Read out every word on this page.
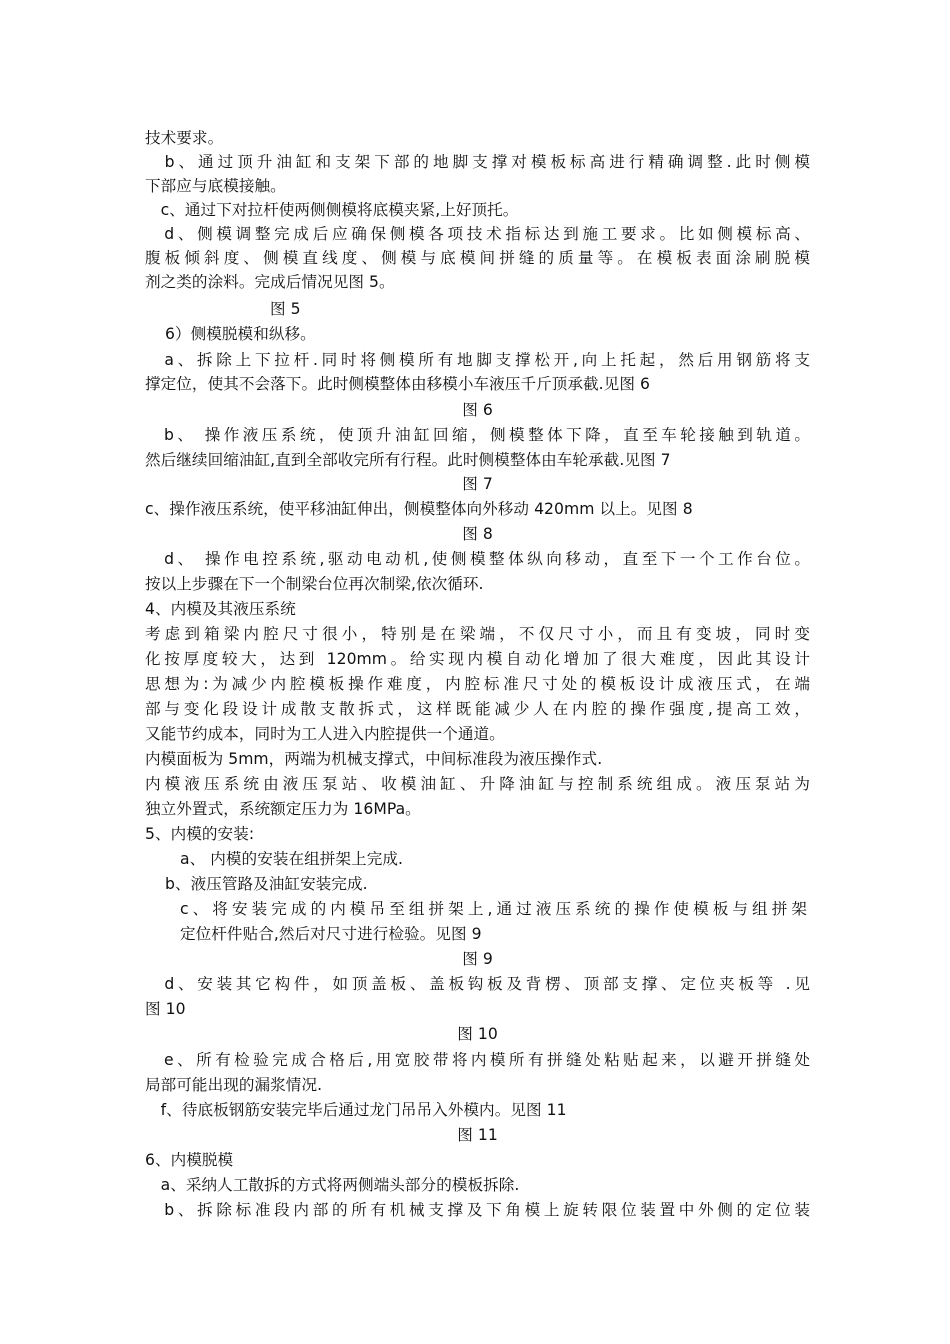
技术要求。
　b、通过顶升油缸和支架下部的地脚支撑对模板标高进行精确调整.此时侧模
下部应与底模接触。
　c、通过下对拉杆使两侧侧模将底模夹紧,上好顶托。
　d、侧模调整完成后应确保侧模各项技术指标达到施工要求。比如侧模标高、
腹板倾斜度、侧模直线度、侧模与底模间拼缝的质量等。在模板表面涂刷脱模
剂之类的涂料。完成后情况见图 5。
图 5
6）侧模脱模和纵移。
　a、拆除上下拉杆.同时将侧模所有地脚支撑松开,向上托起，然后用钢筋将支
撑定位，使其不会落下。此时侧模整体由移模小车液压千斤顶承截.见图 6
图 6
　b、 操作液压系统，使顶升油缸回缩，侧模整体下降，直至车轮接触到轨道。
然后继续回缩油缸,直到全部收完所有行程。此时侧模整体由车轮承截.见图 7
图 7
c、操作液压系统，使平移油缸伸出，侧模整体向外移动 420mm 以上。见图 8
图 8
　d、 操作电控系统,驱动电动机,使侧模整体纵向移动，直至下一个工作台位。
按以上步骤在下一个制梁台位再次制梁,依次循环.
4、内模及其液压系统
考虑到箱梁内腔尺寸很小，特别是在梁端，不仅尺寸小，而且有变坡，同时变
化按厚度较大，达到 120mm。给实现内模自动化增加了很大难度，因此其设计
思想为:为减少内腔模板操作难度，内腔标准尺寸处的模板设计成液压式，在端
部与变化段设计成散支散拆式，这样既能减少人在内腔的操作强度,提高工效，
又能节约成本，同时为工人进入内腔提供一个通道。
内模面板为 5mm，两端为机械支撑式，中间标准段为液压操作式.
内模液压系统由液压泵站、收模油缸、升降油缸与控制系统组成。液压泵站为
独立外置式，系统额定压力为 16MPa。
5、内模的安装:
a、 内模的安装在组拼架上完成.
b、液压管路及油缸安装完成.
c、将安装完成的内模吊至组拼架上,通过液压系统的操作使模板与组拼架
定位杆件贴合,然后对尺寸进行检验。见图 9
图 9
　d、安装其它构件，如顶盖板、盖板钩板及背楞、顶部支撑、定位夹板等 .见
图 10
图 10
　e、所有检验完成合格后,用宽胶带将内模所有拼缝处粘贴起来，以避开拼缝处
局部可能出现的漏浆情况.
　f、待底板钢筋安装完毕后通过龙门吊吊入外模内。见图 11
图 11
6、内模脱模
　a、采纳人工散拆的方式将两侧端头部分的模板拆除.
　b、拆除标准段内部的所有机械支撑及下角模上旋转限位装置中外侧的定位装
